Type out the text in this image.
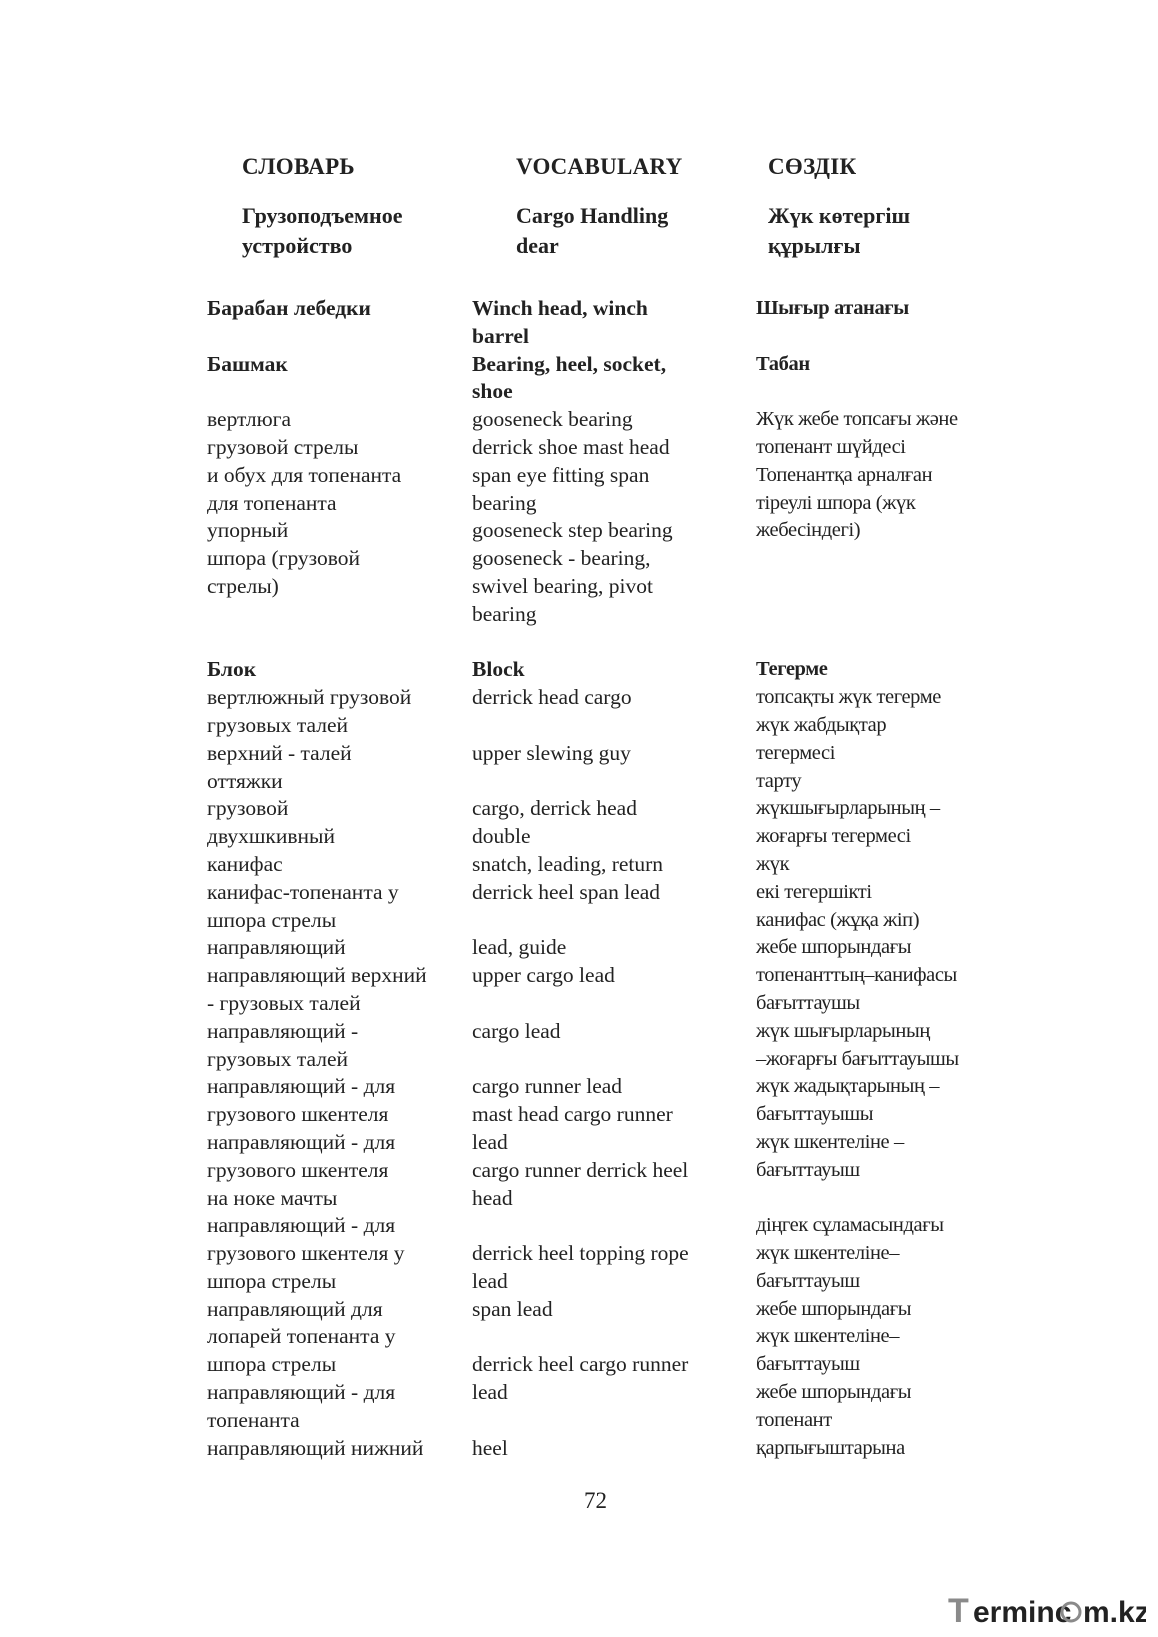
СЛОВАРЬ	VOCABULARY	СӨЗДІК
Грузоподъемное
устройство
Cargo Handling
dear
Жүк көтергіш
құрылғы
Барабан лебедки
Башмак
вертлюга
грузовой стрелы
и обух для топенанта
для топенанта
упорный
шпора (грузовой
стрелы)
Блок
вертлюжный грузовой
грузовых талей
верхний - талей
оттяжки
грузовой
двухшкивный
канифас
канифас-топенанта у
шпора стрелы
направляющий
направляющий верхний
- грузовых талей
направляющий -
грузовых талей
направляющий - для
грузового шкентеля
направляющий - для
грузового шкентеля
на ноке мачты
направляющий - для
грузового шкентеля у
шпора стрелы
направляющий для
лопарей топенанта у
шпора стрелы
направляющий - для
топенанта
направляющий нижний
Winch head, winch
barrel
Bearing, heel, socket,
shoe
gooseneck bearing
derrick shoe mast head
span eye fitting span
bearing
gooseneck step bearing
gooseneck - bearing,
swivel bearing, pivot
bearing
Block
derrick head cargo
upper slewing guy
cargo, derrick head
double
snatch, leading, return
derrick heel span lead
lead, guide
upper cargo lead
cargo lead
cargo runner lead
mast head cargo runner
lead
cargo runner derrick heel
head
derrick heel topping rope
lead
span lead
derrick heel cargo runner
lead
heel
Шығыр атанағы
Табан
Жүк жебе топсағы және
топенант шүйдесі
Топенантқа арналған
тіреулі шпора (жүк
жебесіндегі)
Тегерме
топсақты жүк тегерме
жүк жабдықтар
тегермесі
тарту
жүкшығырларының –
жоғарғы тегермесі
жүк
екі тегершікті
канифас (жұқа жіп)
жебе шпорындағы
топенанттың–канифасы
бағыттаушы
жүк шығырларының
–жоғарғы бағыттауышы
жүк жадықтарының –
бағыттауышы
жүк шкентеліне –
бағыттауыш
діңгек сұламасындағы
жүк шкентеліне–
бағыттауыш
жебе шпорындағы
жүк шкентеліне–
бағыттауыш
жебе шпорындағы
топенант
қарпығыштарына
72
T erminc m.kz
